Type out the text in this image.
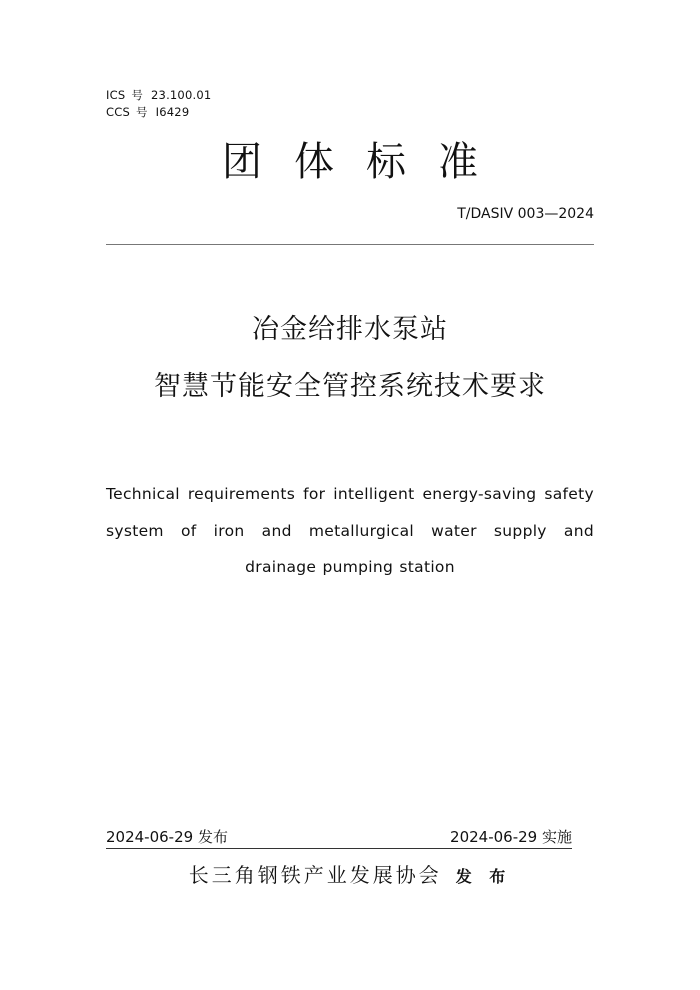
ICS 号 23.100.01
CCS 号 I6429
团体标准
T/DASIV 003—2024
冶金给排水泵站
智慧节能安全管控系统技术要求
Technical requirements for intelligent energy-saving safety system of iron and metallurgical water supply and drainage pumping station
2024-06-29 发布	2024-06-29 实施
长三角钢铁产业发展协会 发 布
